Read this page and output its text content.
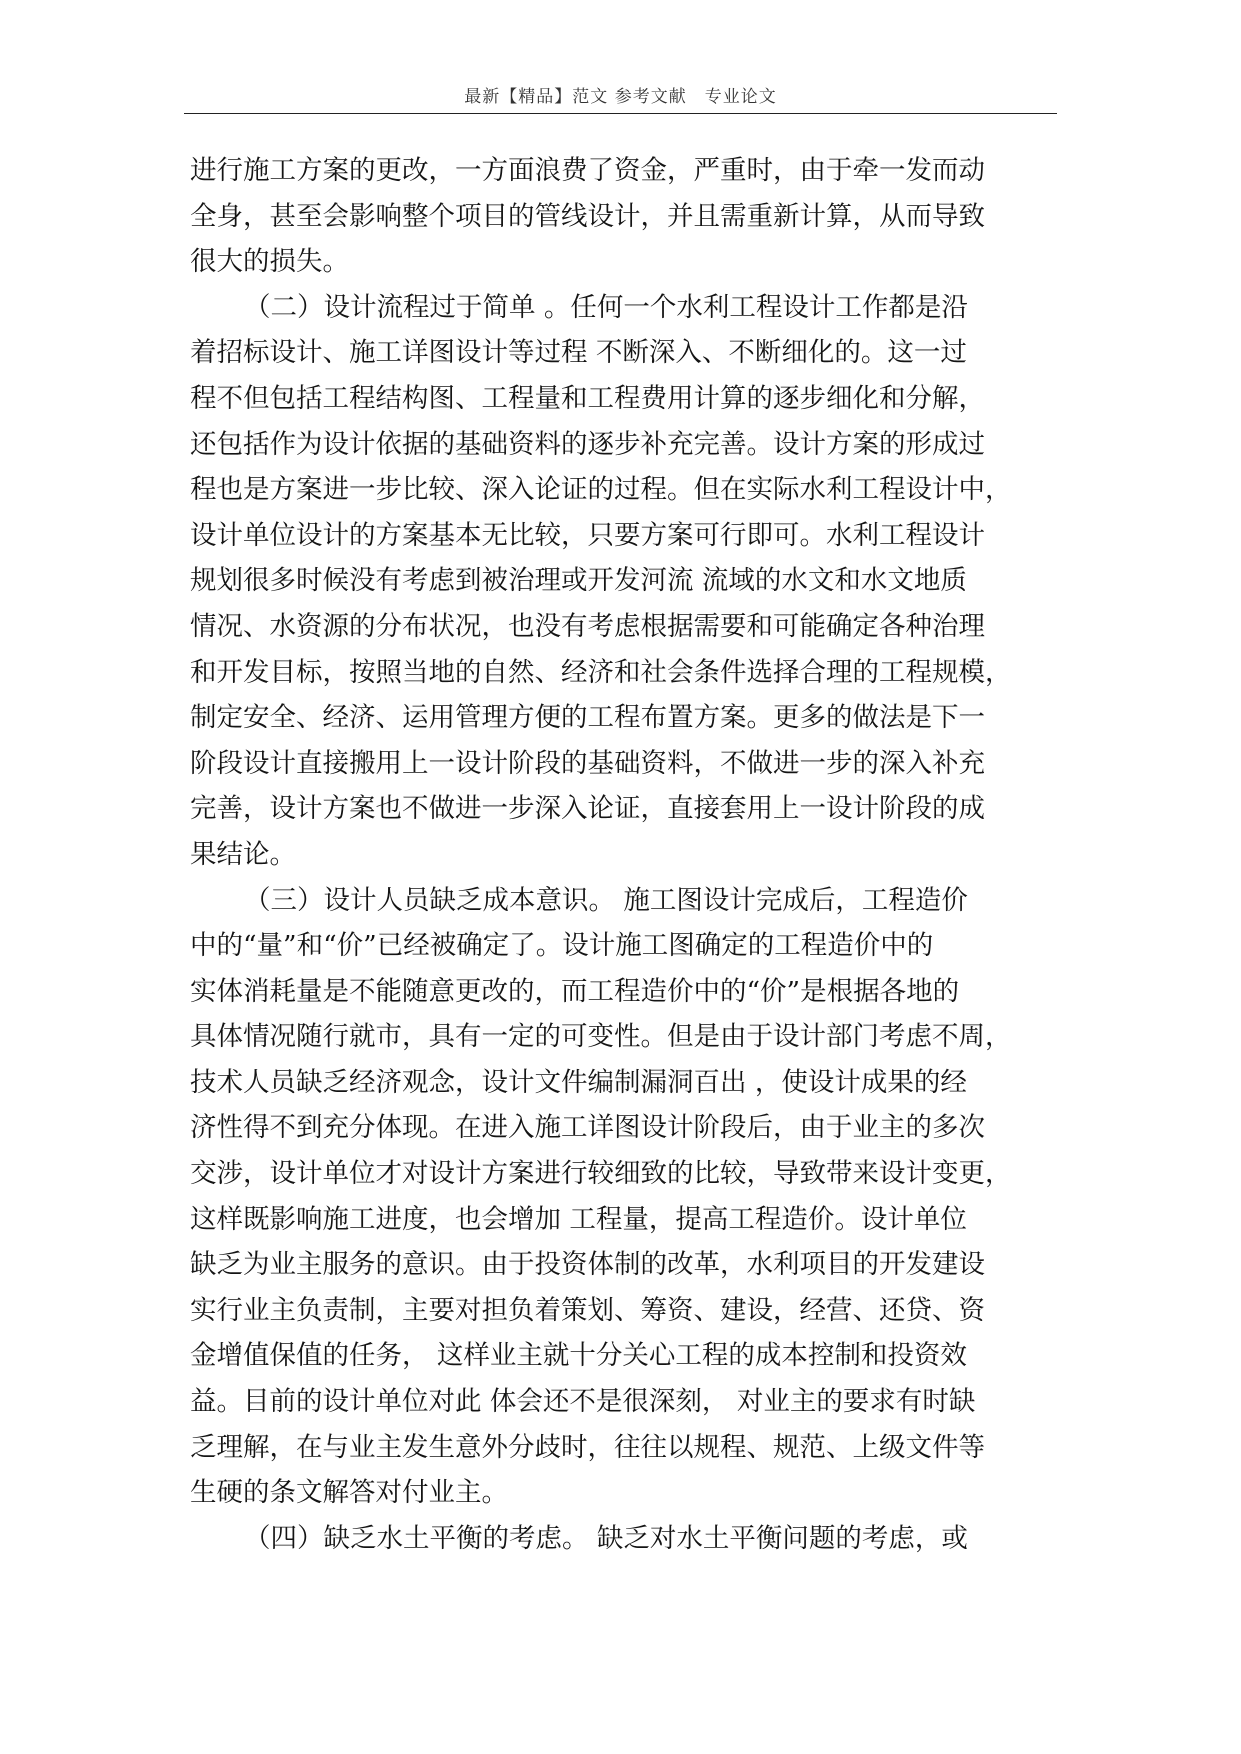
最新【精品】范文 参考文献　专业论文
进行施工方案的更改，一方面浪费了资金，严重时，由于牵一发而动
全身，甚至会影响整个项目的管线设计，并且需重新计算，从而导致
很大的损失。
（二）设计流程过于简单 。任何一个水利工程设计工作都是沿
着招标设计、施工详图设计等过程 不断深入、不断细化的。这一过
程不但包括工程结构图、工程量和工程费用计算的逐步细化和分解，
还包括作为设计依据的基础资料的逐步补充完善。设计方案的形成过
程也是方案进一步比较、深入论证的过程。但在实际水利工程设计中，
设计单位设计的方案基本无比较，只要方案可行即可。水利工程设计
规划很多时候没有考虑到被治理或开发河流 流域的水文和水文地质
情况、水资源的分布状况，也没有考虑根据需要和可能确定各种治理
和开发目标，按照当地的自然、经济和社会条件选择合理的工程规模，
制定安全、经济、运用管理方便的工程布置方案。更多的做法是下一
阶段设计直接搬用上一设计阶段的基础资料，不做进一步的深入补充
完善，设计方案也不做进一步深入论证，直接套用上一设计阶段的成
果结论。
（三）设计人员缺乏成本意识。 施工图设计完成后，工程造价
中的“量”和“价”已经被确定了。设计施工图确定的工程造价中的
实体消耗量是不能随意更改的，而工程造价中的“价”是根据各地的
具体情况随行就市，具有一定的可变性。但是由于设计部门考虑不周，
技术人员缺乏经济观念，设计文件编制漏洞百出 ，使设计成果的经
济性得不到充分体现。在进入施工详图设计阶段后，由于业主的多次
交涉，设计单位才对设计方案进行较细致的比较，导致带来设计变更，
这样既影响施工进度，也会增加 工程量，提高工程造价。设计单位
缺乏为业主服务的意识。由于投资体制的改革，水利项目的开发建设
实行业主负责制，主要对担负着策划、筹资、建设，经营、还贷、资
金增值保值的任务， 这样业主就十分关心工程的成本控制和投资效
益。目前的设计单位对此 体会还不是很深刻， 对业主的要求有时缺
乏理解，在与业主发生意外分歧时，往往以规程、规范、上级文件等
生硬的条文解答对付业主。
（四）缺乏水土平衡的考虑。 缺乏对水土平衡问题的考虑，或
